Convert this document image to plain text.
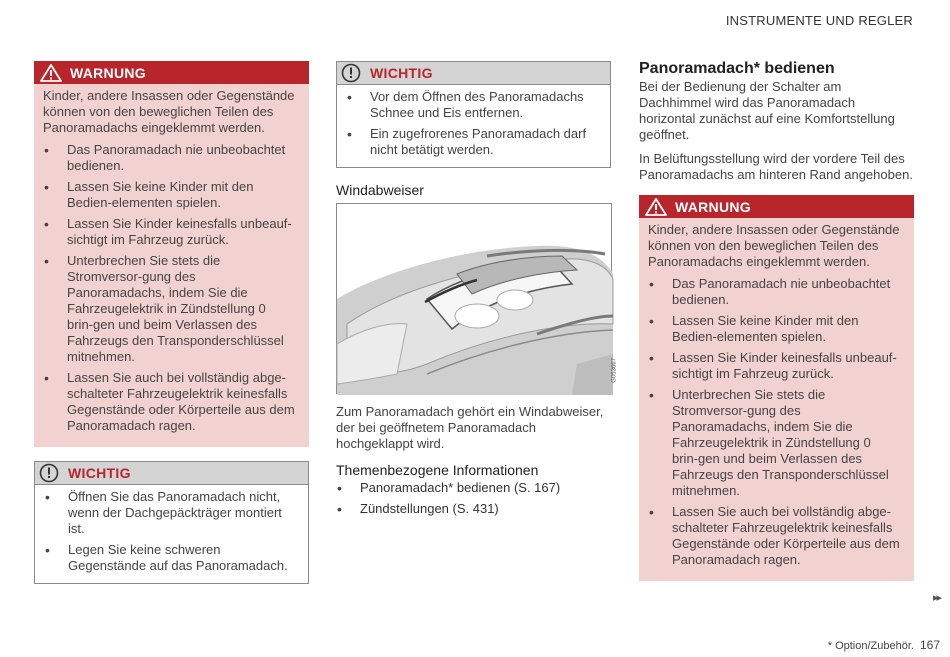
INSTRUMENTE UND REGLER
WARNUNG

Kinder, andere Insassen oder Gegenstände können von den beweglichen Teilen des Panoramadachs eingeklemmt werden.

• Das Panoramadach nie unbeobachtet bedienen.
• Lassen Sie keine Kinder mit den Bedien-elementen spielen.
• Lassen Sie Kinder keinesfalls unbeauf-sichtigt im Fahrzeug zurück.
• Unterbrechen Sie stets die Stromversor-gung des Panoramadachs, indem Sie die Fahrzeugelektrik in Zündstellung 0 brin-gen und beim Verlassen des Fahrzeugs den Transponderschlüssel mitnehmen.
• Lassen Sie auch bei vollständig abge-schalteter Fahrzeugelektrik keinesfalls Gegenstände oder Körperteile aus dem Panoramadach ragen.
WICHTIG
• Öffnen Sie das Panoramadach nicht, wenn der Dachgepäckträger montiert ist.
• Legen Sie keine schweren Gegenstände auf das Panoramadach.
WICHTIG
• Vor dem Öffnen des Panoramadachs Schnee und Eis entfernen.
• Ein zugefrorenes Panoramadach darf nicht betätigt werden.
Windabweiser
G053667

Zum Panoramadach gehört ein Windabweiser, der bei geöffnetem Panoramadach hochgeklappt wird.

Themenbezogene Informationen
• Panoramadach* bedienen (S. 167)
• Zündstellungen (S. 431)
Panoramadach* bedienen

Bei der Bedienung der Schalter am Dachhimmel wird das Panoramadach horizontal zunächst auf eine Komfortstellung geöffnet.

In Belüftungsstellung wird der vordere Teil des Panoramadachs am hinteren Rand angehoben.

WARNUNG

Kinder, andere Insassen oder Gegenstände können von den beweglichen Teilen des Panoramadachs eingeklemmt werden.

• Das Panoramadach nie unbeobachtet bedienen.
• Lassen Sie keine Kinder mit den Bedien-elementen spielen.
• Lassen Sie Kinder keinesfalls unbeauf-sichtigt im Fahrzeug zurück.
• Unterbrechen Sie stets die Stromversor-gung des Panoramadachs, indem Sie die Fahrzeugelektrik in Zündstellung 0 brin-gen und beim Verlassen des Fahrzeugs den Transponderschlüssel mitnehmen.
• Lassen Sie auch bei vollständig abge-schalteter Fahrzeugelektrik keinesfalls Gegenstände oder Körperteile aus dem Panoramadach ragen.
▸▸
* Option/Zubehör. 167
